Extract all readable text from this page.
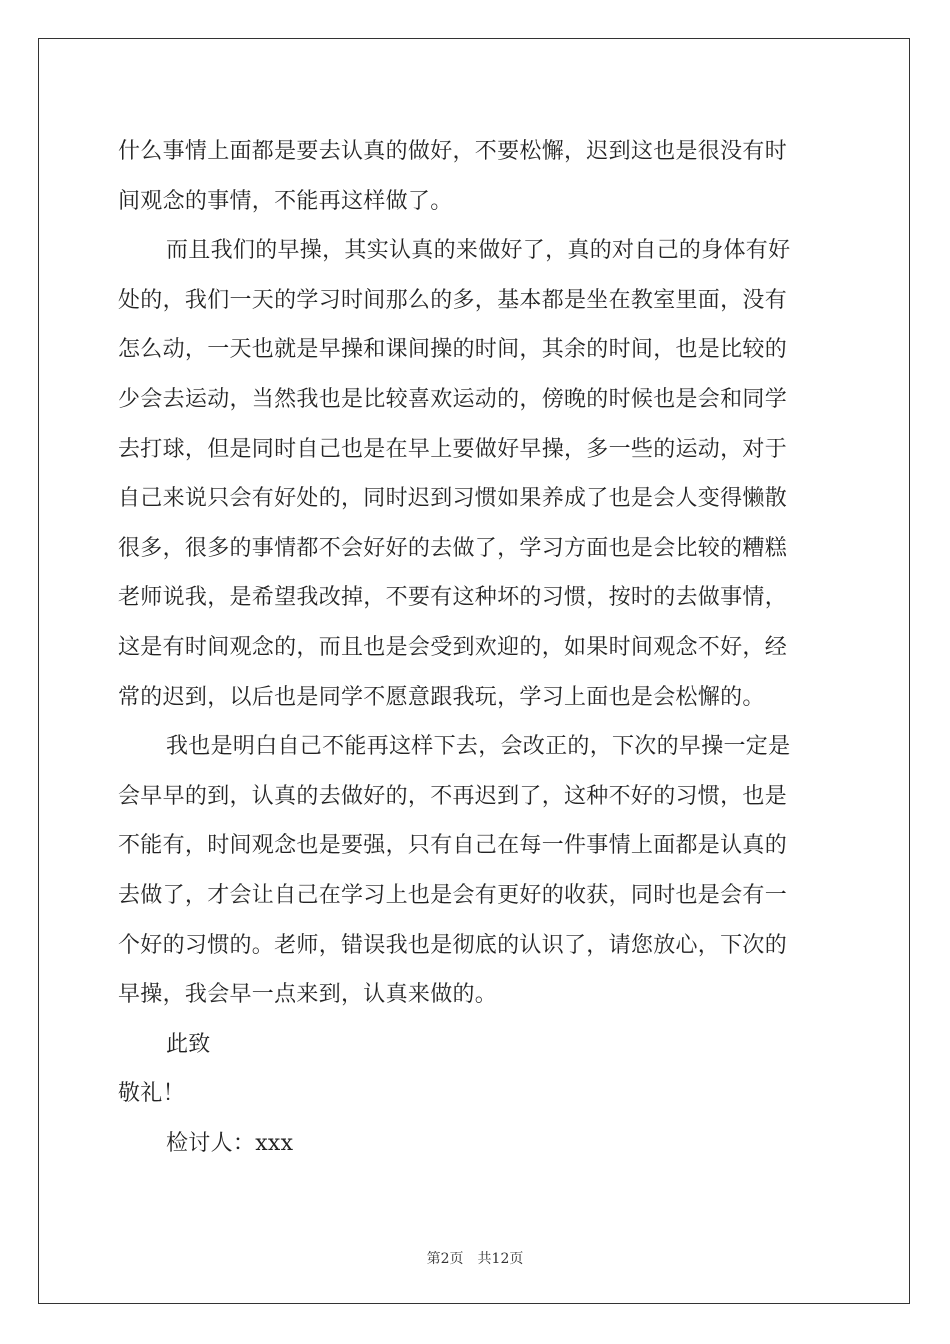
什么事情上面都是要去认真的做好，不要松懈，迟到这也是很没有时
间观念的事情，不能再这样做了。
而且我们的早操，其实认真的来做好了，真的对自己的身体有好
处的，我们一天的学习时间那么的多，基本都是坐在教室里面，没有
怎么动，一天也就是早操和课间操的时间，其余的时间，也是比较的
少会去运动，当然我也是比较喜欢运动的，傍晚的时候也是会和同学
去打球，但是同时自己也是在早上要做好早操，多一些的运动，对于
自己来说只会有好处的，同时迟到习惯如果养成了也是会人变得懒散
很多，很多的事情都不会好好的去做了，学习方面也是会比较的糟糕
老师说我，是希望我改掉，不要有这种坏的习惯，按时的去做事情，
这是有时间观念的，而且也是会受到欢迎的，如果时间观念不好，经
常的迟到，以后也是同学不愿意跟我玩，学习上面也是会松懈的。
我也是明白自己不能再这样下去，会改正的，下次的早操一定是
会早早的到，认真的去做好的，不再迟到了，这种不好的习惯，也是
不能有，时间观念也是要强，只有自己在每一件事情上面都是认真的
去做了，才会让自己在学习上也是会有更好的收获，同时也是会有一
个好的习惯的。老师，错误我也是彻底的认识了，请您放心，下次的
早操，我会早一点来到，认真来做的。
此致
敬礼！
检讨人：xxx
第2页　共12页
